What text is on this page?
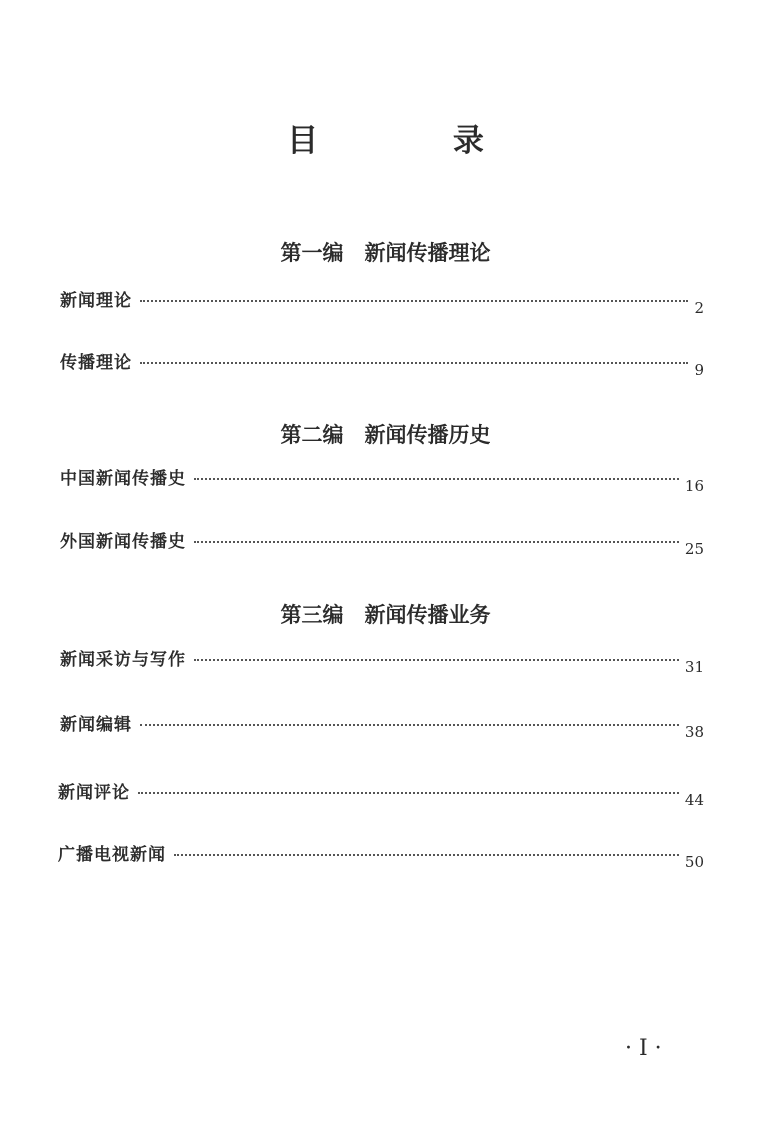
目 录
第一编　新闻传播理论
新闻理论	2
传播理论	9
第二编　新闻传播历史
中国新闻传播史	16
外国新闻传播史	25
第三编　新闻传播业务
新闻采访与写作	31
新闻编辑	38
新闻评论	44
广播电视新闻	50
· I ·
